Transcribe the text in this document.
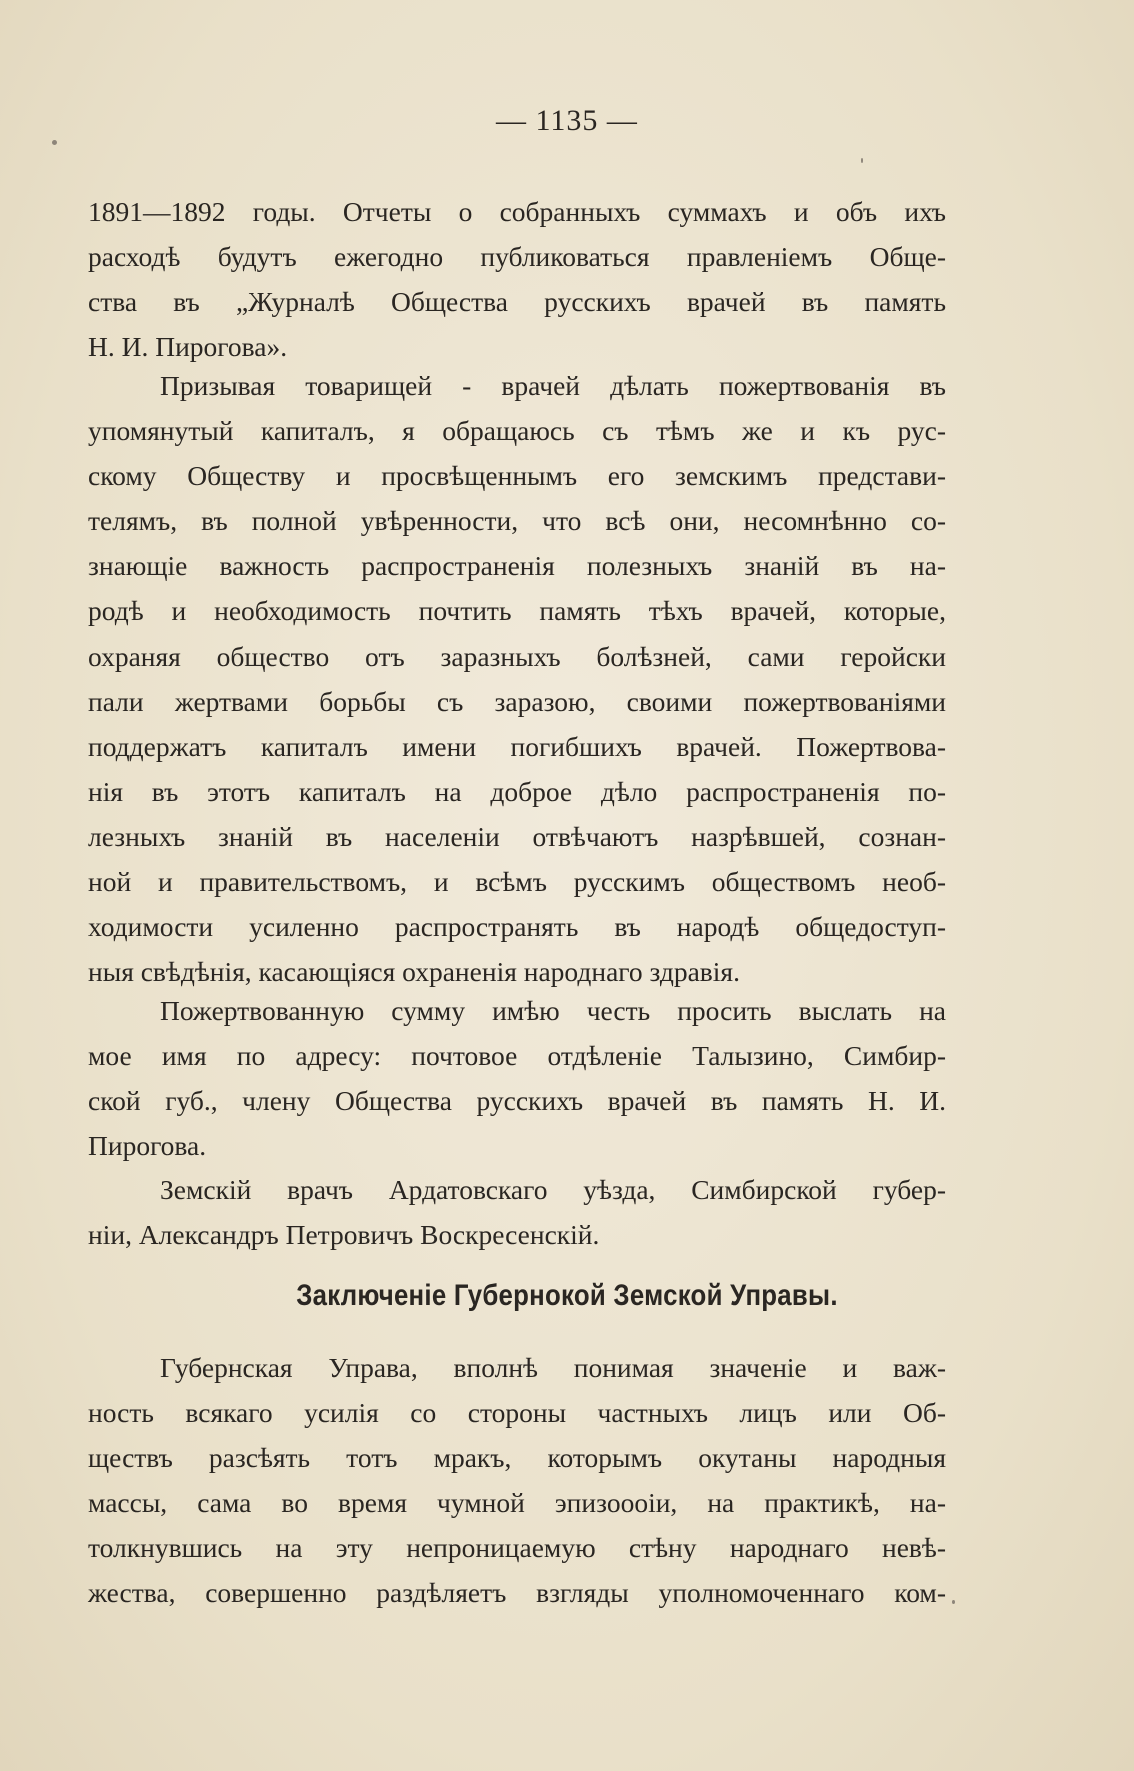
— 1135 —
1891—1892 годы. Отчеты о собранныхъ суммахъ и объ ихъ
расходѣ будутъ ежегодно публиковаться правленіемъ Обще-
ства въ „Журналѣ Общества русскихъ врачей въ память
Н. И. Пирогова».
Призывая товарищей - врачей дѣлать пожертвованія въ
упомянутый капиталъ, я обращаюсь съ тѣмъ же и къ рус-
скому Обществу и просвѣщеннымъ его земскимъ представи-
телямъ, въ полной увѣренности, что всѣ они, несомнѣнно со-
знающіе важность распространенія полезныхъ знаній въ на-
родѣ и необходимость почтить память тѣхъ врачей, которые,
охраняя общество отъ заразныхъ болѣзней, сами геройски
пали жертвами борьбы съ заразою, своими пожертвованіями
поддержатъ капиталъ имени погибшихъ врачей. Пожертвова-
нія въ этотъ капиталъ на доброе дѣло распространенія по-
лезныхъ знаній въ населеніи отвѣчаютъ назрѣвшей, сознан-
ной и правительствомъ, и всѣмъ русскимъ обществомъ необ-
ходимости усиленно распространять въ народѣ общедоступ-
ныя свѣдѣнія, касающіяся охраненія народнаго здравія.
Пожертвованную сумму имѣю честь просить выслать на
мое имя по адресу: почтовое отдѣленіе Талызино, Симбир-
ской губ., члену Общества русскихъ врачей въ память Н. И.
Пирогова.
Земскій врачъ Ардатовскаго уѣзда, Симбирской губер-
ніи, Александръ Петровичъ Воскресенскій.
Заключеніе Губернокой Земской Управы.
Губернская Управа, вполнѣ понимая значеніе и важ-
ность всякаго усилія со стороны частныхъ лицъ или Об-
ществъ разсѣять тотъ мракъ, которымъ окутаны народныя
массы, сама во время чумной эпизоооіи, на практикѣ, на-
толкнувшись на эту непроницаемую стѣну народнаго невѣ-
жества, совершенно раздѣляетъ взгляды уполномоченнаго ком-
